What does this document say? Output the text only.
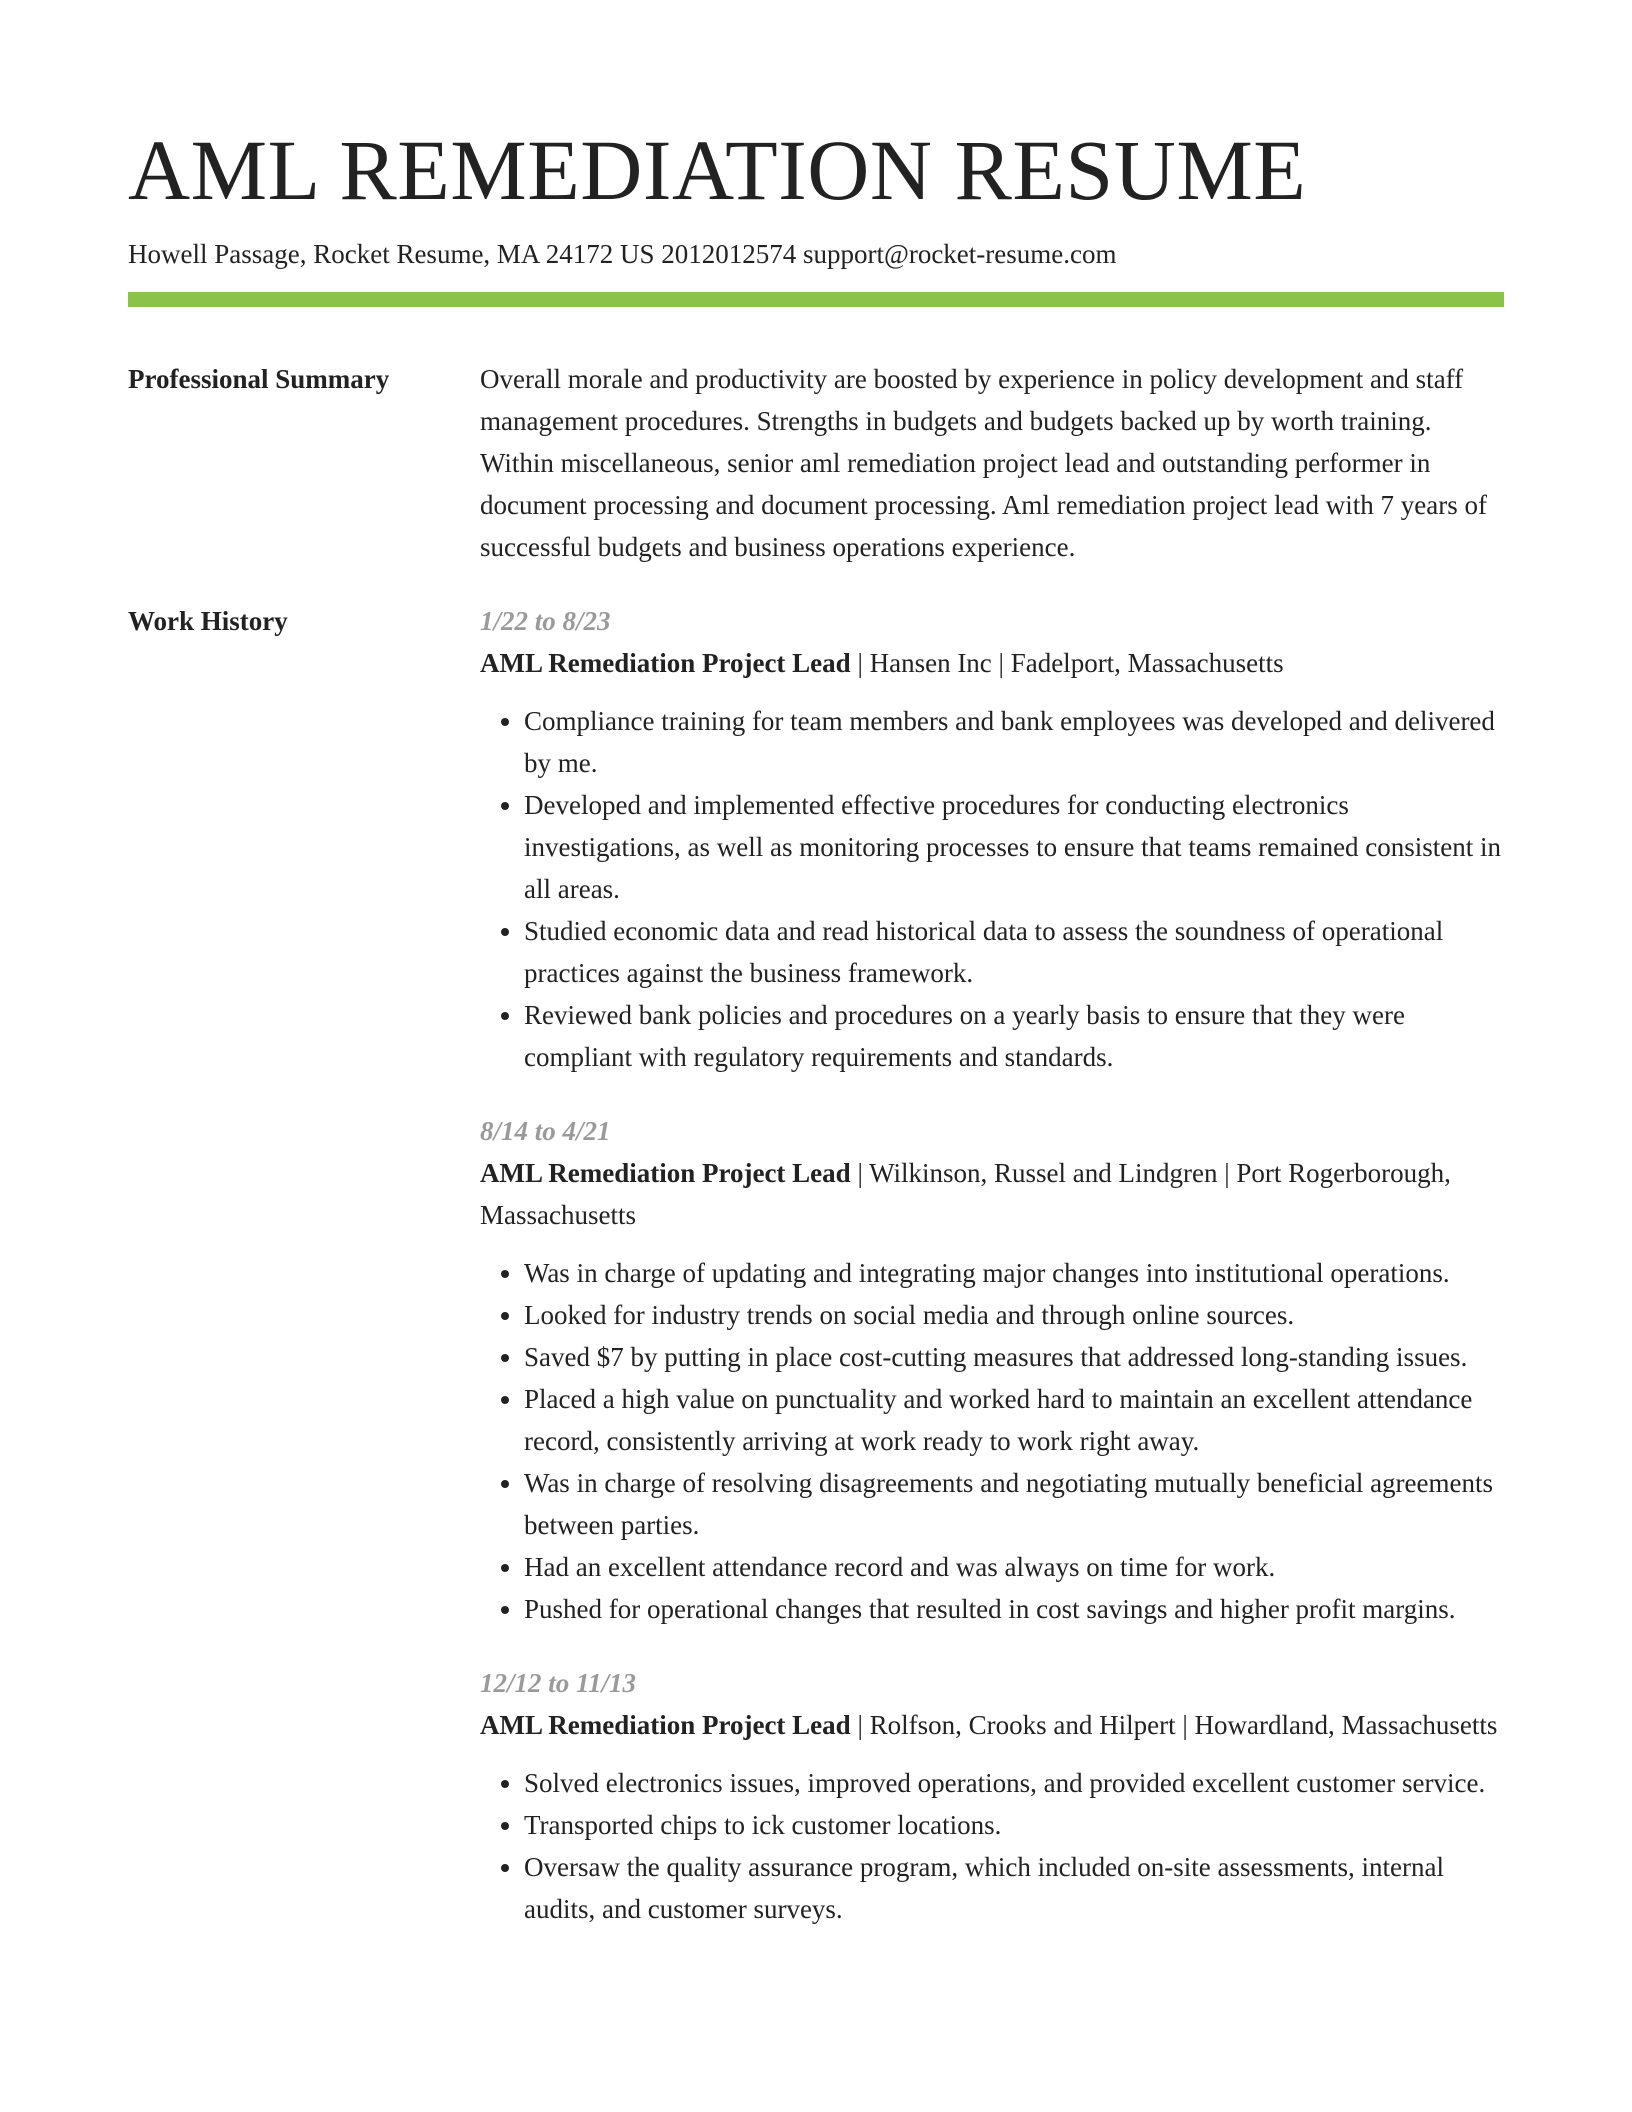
AML REMEDIATION RESUME
Howell Passage, Rocket Resume, MA 24172 US 2012012574 support@rocket-resume.com
Professional Summary	Overall morale and productivity are boosted by experience in policy development and staff management procedures. Strengths in budgets and budgets backed up by worth training. Within miscellaneous, senior aml remediation project lead and outstanding performer in document processing and document processing. Aml remediation project lead with 7 years of successful budgets and business operations experience.

Work History	1/22 to 8/23
AML Remediation Project Lead | Hansen Inc | Fadelport, Massachusetts
• Compliance training for team members and bank employees was developed and delivered by me.
• Developed and implemented effective procedures for conducting electronics investigations, as well as monitoring processes to ensure that teams remained consistent in all areas.
• Studied economic data and read historical data to assess the soundness of operational practices against the business framework.
• Reviewed bank policies and procedures on a yearly basis to ensure that they were compliant with regulatory requirements and standards.
8/14 to 4/21
AML Remediation Project Lead | Wilkinson, Russel and Lindgren | Port Rogerborough, Massachusetts
• Was in charge of updating and integrating major changes into institutional operations.
• Looked for industry trends on social media and through online sources.
• Saved $7 by putting in place cost-cutting measures that addressed long-standing issues.
• Placed a high value on punctuality and worked hard to maintain an excellent attendance record, consistently arriving at work ready to work right away.
• Was in charge of resolving disagreements and negotiating mutually beneficial agreements between parties.
• Had an excellent attendance record and was always on time for work.
• Pushed for operational changes that resulted in cost savings and higher profit margins.
12/12 to 11/13
AML Remediation Project Lead | Rolfson, Crooks and Hilpert | Howardland, Massachusetts
• Solved electronics issues, improved operations, and provided excellent customer service.
• Transported chips to ick customer locations.
• Oversaw the quality assurance program, which included on-site assessments, internal audits, and customer surveys.
